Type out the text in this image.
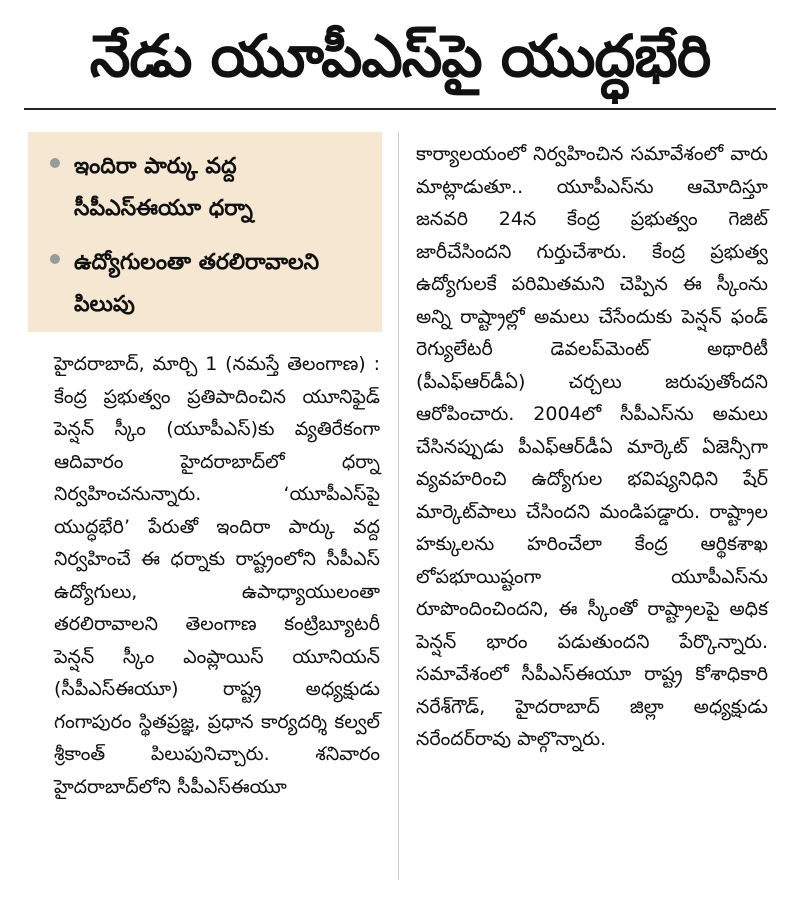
నేడు యూపీఎస్‌పై యుద్ధభేరి
ఇందిరా పార్కు వద్ద సీపీఎస్‌ఈయూ ధర్నా
ఉద్యోగులంతా తరలిరావాలని పిలుపు

హైదరాబాద్‌, మార్చి 1 (నమస్తే తెలంగాణ) : కేంద్ర ప్రభుత్వం ప్రతిపాదించిన యూనిఫైడ్‌ పెన్షన్‌ స్కీం (యూపీఎస్‌)కు వ్యతిరేకంగా ఆదివారం హైదరాబాద్‌లో ధర్నా నిర్వహించనున్నారు. ‘యూపీఎస్‌పై యుద్ధభేరి’ పేరుతో ఇందిరా పార్కు వద్ద నిర్వహించే ఈ ధర్నాకు రాష్ట్రంలోని సీపీఎస్‌ ఉద్యోగులు, ఉపాధ్యాయులంతా తరలిరావాలని తెలంగాణ కంట్రిబ్యూటరీ పెన్షన్‌ స్కీం ఎంప్లాయిస్‌ యూనియన్‌ (సీపీఎస్‌ఈయూ) రాష్ట్ర అధ్యక్షుడు గంగాపురం స్థితప్రజ్ఞ, ప్రధాన కార్యదర్శి కల్వల్‌ శ్రీకాంత్‌ పిలుపునిచ్చారు. శనివారం హైదరాబాద్‌లోని సీపీఎస్‌ఈయూ

కార్యాలయంలో నిర్వహించిన సమావేశంలో వారు మాట్లాడుతూ.. యూపీఎస్‌ను ఆమోదిస్తూ జనవరి 24న కేంద్ర ప్రభుత్వం గెజిట్‌ జారీచేసిందని గుర్తుచేశారు. కేంద్ర ప్రభుత్వ ఉద్యోగులకే పరిమితమని చెప్పిన ఈ స్కీంను అన్ని రాష్ట్రాల్లో అమలు చేసేందుకు పెన్షన్‌ ఫండ్‌ రెగ్యులేటరీ డెవలప్‌మెంట్‌ అథారిటీ (పీఎఫ్‌ఆర్‌డీఏ) చర్చలు జరుపుతోందని ఆరోపించారు. 2004లో సీపీఎస్‌ను అమలు చేసినప్పుడు పీఎఫ్‌ఆర్‌డీఏ మార్కెట్‌ ఏజెన్సీగా వ్యవహరించి ఉద్యోగుల భవిష్యనిధిని షేర్‌ మార్కెట్‌పాలు చేసిందని మండిపడ్డారు. రాష్ట్రాల హక్కులను హరించేలా కేంద్ర ఆర్థికశాఖ లోపభూయిష్టంగా యూపీఎస్‌ను రూపొందించిందని, ఈ స్కీంతో రాష్ట్రాలపై అధిక పెన్షన్‌ భారం పడుతుందని పేర్కొన్నారు. సమావేశంలో సీపీఎస్‌ఈయూ రాష్ట్ర కోశాధికారి నరేశ్‌గౌడ్‌, హైదరాబాద్‌ జిల్లా అధ్యక్షుడు నరేందర్‌రావు పాల్గొన్నారు.
